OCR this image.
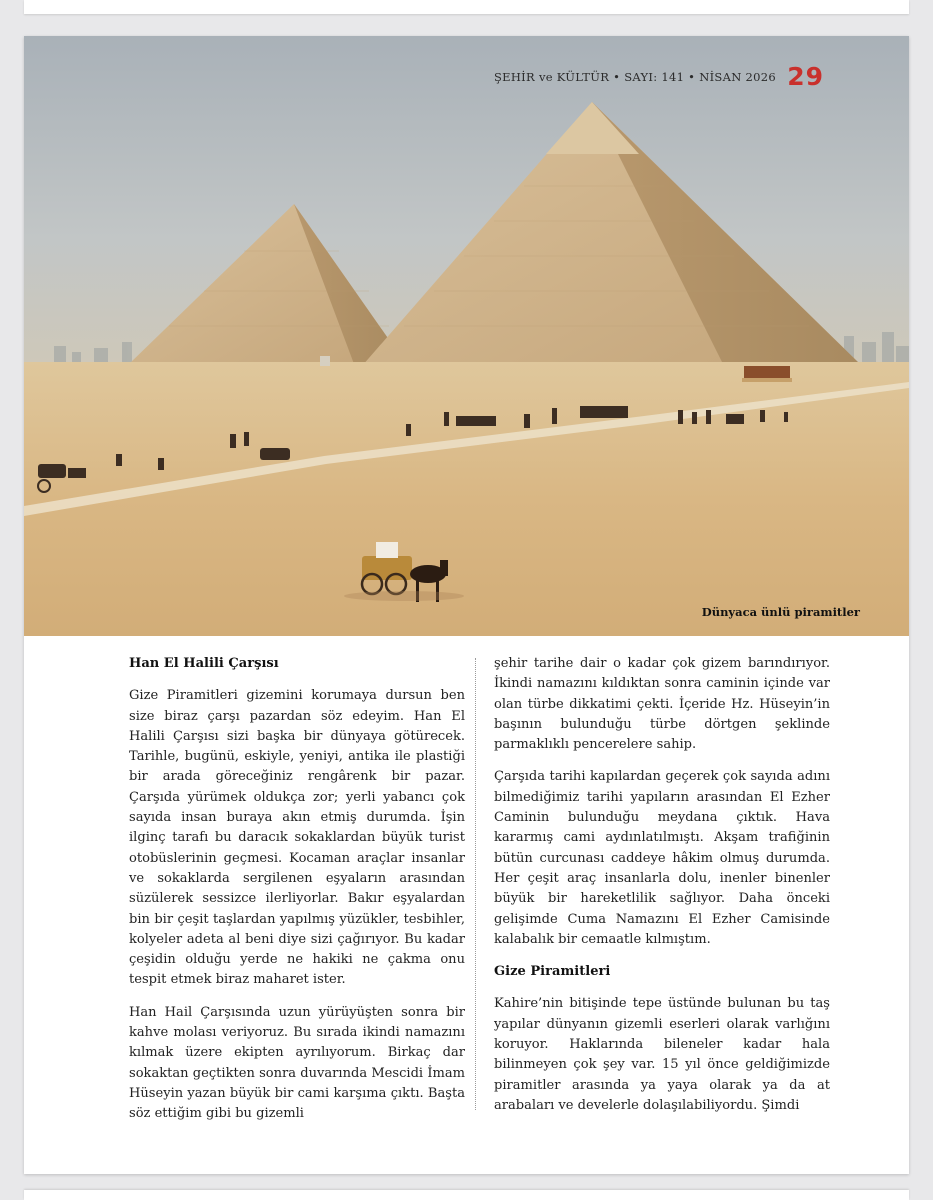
ŞEHİR ve KÜLTÜR • SAYI: 141 • NİSAN 2026 29
Dünyaca ünlü piramitler
Han El Halili Çarşısı

Gize Piramitleri gizemini korumaya dursun ben size biraz çarşı pazardan söz edeyim. Han El Halili Çarşısı sizi başka bir dünyaya götürecek. Tarihle, bugünü, eskiyle, yeniyi, antika ile plastiği bir arada göreceğiniz rengârenk bir pazar. Çarşıda yürümek oldukça zor; yerli yabancı çok sayıda insan buraya akın etmiş durumda. İşin ilginç tarafı bu daracık sokaklardan büyük turist otobüslerinin geçmesi. Kocaman araçlar insanlar ve sokaklarda sergilenen eşyaların arasından süzülerek sessizce ilerliyorlar. Bakır eşyalardan bin bir çeşit taşlardan yapılmış yüzükler, tesbihler, kolyeler adeta al beni diye sizi çağırıyor. Bu kadar çeşidin olduğu yerde ne hakiki ne çakma onu tespit etmek biraz maharet ister.

Han Hail Çarşısında uzun yürüyüşten sonra bir kahve molası veriyoruz. Bu sırada ikindi namazını kılmak üzere ekipten ayrılıyorum. Birkaç dar sokaktan geçtikten sonra duvarında Mescidi İmam Hüseyin yazan büyük bir cami karşıma çıktı. Başta söz ettiğim gibi bu gizemli

şehir tarihe dair o kadar çok gizem barındırıyor. İkindi namazını kıldıktan sonra caminin içinde var olan türbe dikkatimi çekti. İçeride Hz. Hüseyin’in başının bulunduğu türbe dörtgen şeklinde parmaklıklı pencerelere sahip.

Çarşıda tarihi kapılardan geçerek çok sayıda adını bilmediğimiz tarihi yapıların arasından El Ezher Caminin bulunduğu meydana çıktık. Hava kararmış cami aydınlatılmıştı. Akşam trafiğinin bütün curcunası caddeye hâkim olmuş durumda. Her çeşit araç insanlarla dolu, inenler binenler büyük bir hareketlilik sağlıyor. Daha önceki gelişimde Cuma Namazını El Ezher Camisinde kalabalık bir cemaatle kılmıştım.

Gize Piramitleri

Kahire’nin bitişinde tepe üstünde bulunan bu taş yapılar dünyanın gizemli eserleri olarak varlığını koruyor. Haklarında bileneler kadar hala bilinmeyen çok şey var. 15 yıl önce geldiğimizde piramitler arasında ya yaya olarak ya da at arabaları ve develerle dolaşılabiliyordu. Şimdi
